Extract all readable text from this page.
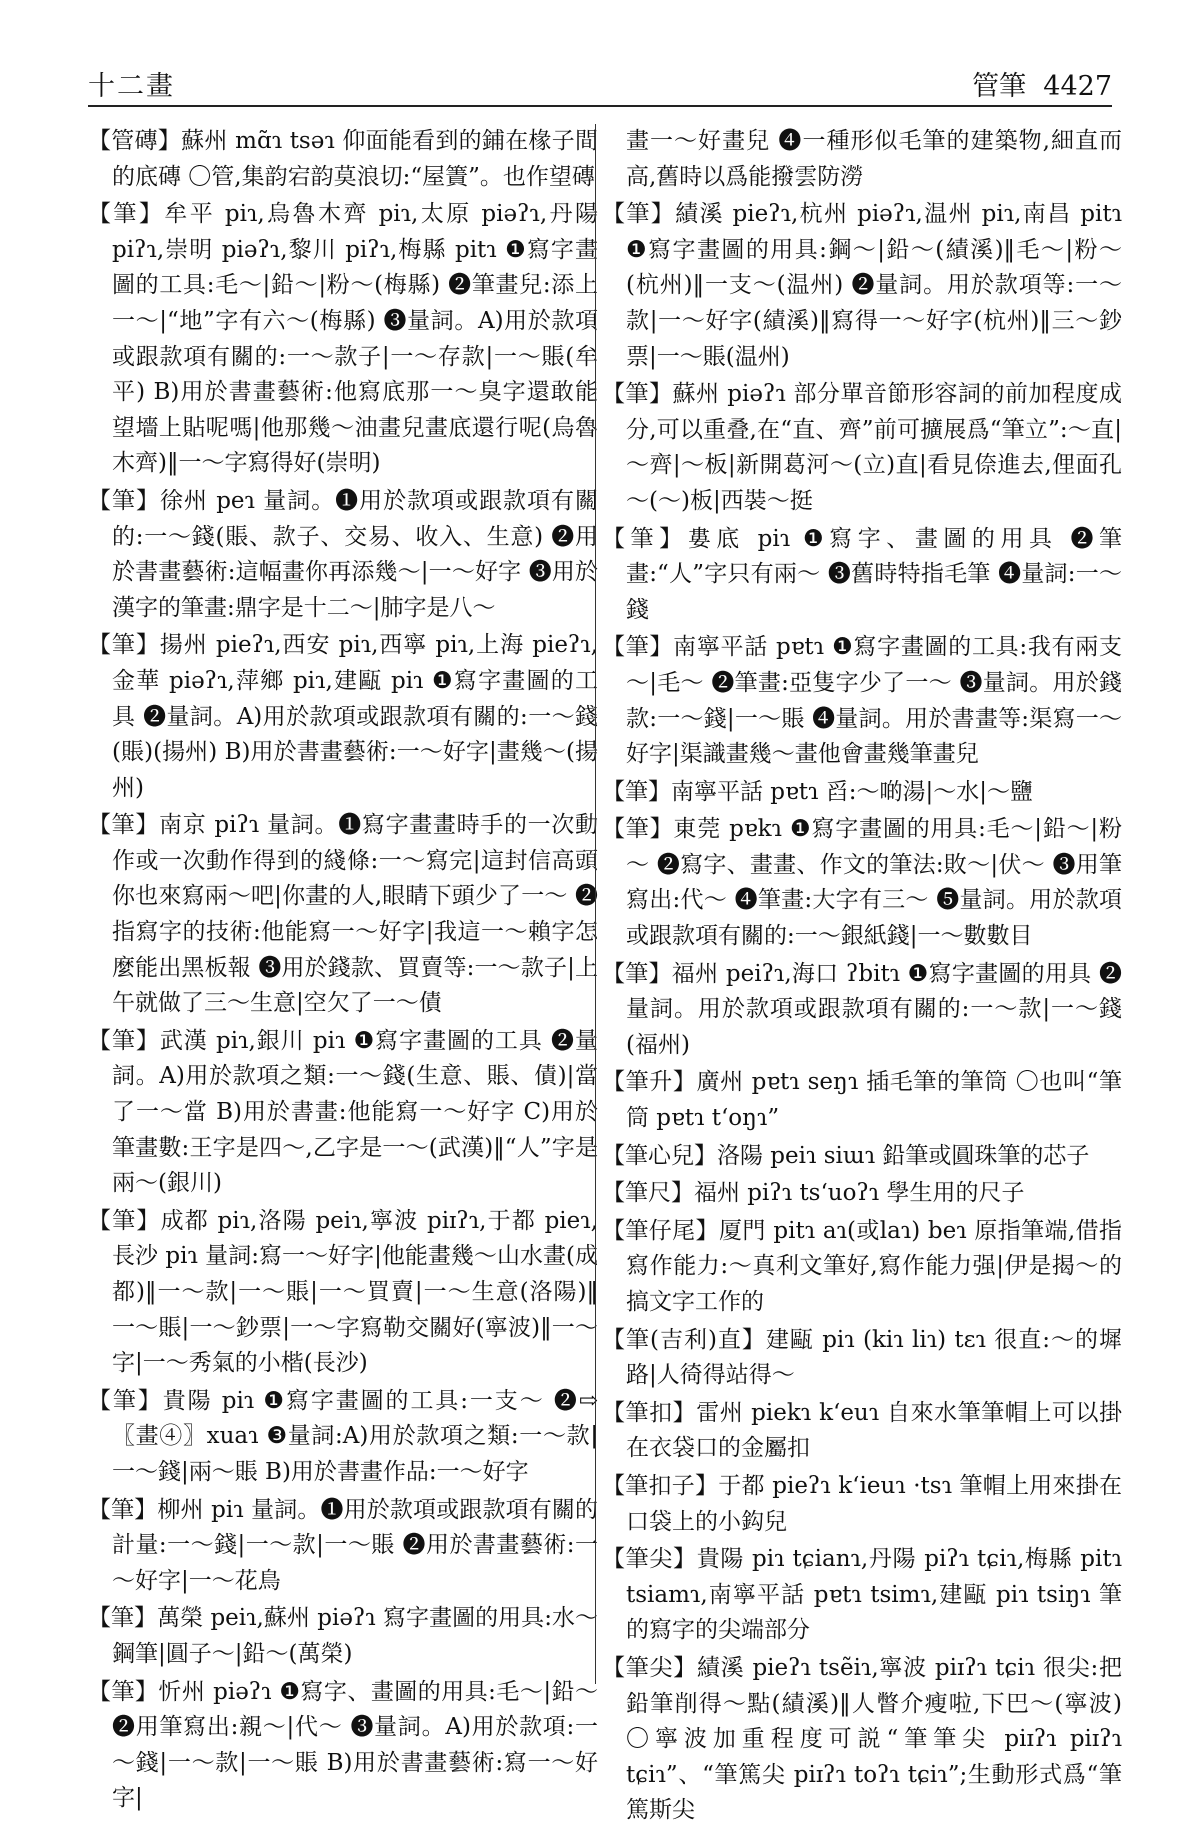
十二畫	管筆 4427

【管磚】蘇州 mɑ̃ɿ tsəɿ 仰面能看到的鋪在椽子間的底磚 〇管,集韵宕韵莫浪切:“屋簀”。也作望磚

【筆】牟平 piɿ,烏魯木齊 piɿ,太原 piəʔɿ,丹陽 piʔɿ,崇明 piəʔɿ,黎川 piʔɿ,梅縣 pitɿ ❶寫字畫圖的工具:毛～|鉛～|粉～(梅縣) ❷筆畫兒:添上一～|“地”字有六～(梅縣) ❸量詞。A)用於款項或跟款項有關的:一～款子|一～存款|一～賬(牟平) B)用於書畫藝術:他寫底那一～臭字還敢能望墻上貼呢嗎|他那幾～油畫兒畫底還行呢(烏魯木齊)‖一～字寫得好(崇明)

【筆】徐州 peɿ 量詞。❶用於款項或跟款項有關的:一～錢(賬、款子、交易、收入、生意) ❷用於書畫藝術:這幅畫你再添幾～|一～好字 ❸用於漢字的筆畫:鼎字是十二～|肺字是八～

【筆】揚州 pieʔɿ,西安 piɿ,西寧 piɿ,上海 pieʔɿ,金華 piəʔɿ,萍鄉 piɿ,建甌 piɿ ❶寫字畫圖的工具 ❷量詞。A)用於款項或跟款項有關的:一～錢(賬)(揚州) B)用於書畫藝術:一～好字|畫幾～(揚州)

【筆】南京 piʔɿ 量詞。❶寫字畫畫時手的一次動作或一次動作得到的綫條:一～寫完|這封信高頭你也來寫兩～吧|你畫的人,眼睛下頭少了一～ ❷指寫字的技術:他能寫一～好字|我這一～賴字怎麼能出黑板報 ❸用於錢款、買賣等:一～款子|上午就做了三～生意|空欠了一～債

【筆】武漢 piɿ,銀川 piɿ ❶寫字畫圖的工具 ❷量詞。A)用於款項之類:一～錢(生意、賬、債)|當了一～當 B)用於書畫:他能寫一～好字 C)用於筆畫數:王字是四～,乙字是一～(武漢)‖“人”字是兩～(銀川)

【筆】成都 piɿ,洛陽 peiɿ,寧波 piɪʔɿ,于都 pieɿ,長沙 piɿ 量詞:寫一～好字|他能畫幾～山水畫(成都)‖一～款|一～賬|一～買賣|一～生意(洛陽)‖一～賬|一～鈔票|一～字寫勒交關好(寧波)‖一～字|一～秀氣的小楷(長沙)

【筆】貴陽 piɿ ❶寫字畫圖的工具:一支～ ❷⇨〖畫④〗xuaɿ ❸量詞:A)用於款項之類:一～款|一～錢|兩～賬 B)用於書畫作品:一～好字

【筆】柳州 piɿ 量詞。❶用於款項或跟款項有關的計量:一～錢|一～款|一～賬 ❷用於書畫藝術:一～好字|一～花鳥

【筆】萬榮 peiɿ,蘇州 piəʔɿ 寫字畫圖的用具:水～鋼筆|圓子～|鉛～(萬榮)

【筆】忻州 piəʔɿ ❶寫字、畫圖的用具:毛～|鉛～ ❷用筆寫出:親～|代～ ❸量詞。A)用於款項:一～錢|一～款|一～賬 B)用於書畫藝術:寫一～好字|

畫一～好畫兒 ❹一種形似毛筆的建築物,細直而高,舊時以爲能撥雲防澇

【筆】績溪 pieʔɿ,杭州 piəʔɿ,温州 piɿ,南昌 pitɿ ❶寫字畫圖的用具:鋼～|鉛～(績溪)‖毛～|粉～(杭州)‖一支～(温州) ❷量詞。用於款項等:一～款|一～好字(績溪)‖寫得一～好字(杭州)‖三～鈔票|一～賬(温州)

【筆】蘇州 piəʔɿ 部分單音節形容詞的前加程度成分,可以重叠,在“直、齊”前可擴展爲“筆立”:～直|～齊|～板|新開葛河～(立)直|看見倷進去,俚面孔～(～)板|西裝～挺

【筆】婁底 piɿ ❶寫字、畫圖的用具 ❷筆畫:“人”字只有兩～ ❸舊時特指毛筆 ❹量詞:一～錢

【筆】南寧平話 pɐtɿ ❶寫字畫圖的工具:我有兩支～|毛～ ❷筆畫:亞隻字少了一～ ❸量詞。用於錢款:一～錢|一～賬 ❹量詞。用於書畫等:渠寫一～好字|渠識畫幾～畫他會畫幾筆畫兒

【筆】南寧平話 pɐtɿ 舀:～啲湯|～水|～鹽

【筆】東莞 pɐkɿ ❶寫字畫圖的用具:毛～|鉛～|粉～ ❷寫字、畫畫、作文的筆法:敗～|伏～ ❸用筆寫出:代～ ❹筆畫:大字有三～ ❺量詞。用於款項或跟款項有關的:一～銀紙錢|一～數數目

【筆】福州 peiʔɿ,海口 ʔbitɿ ❶寫字畫圖的用具 ❷量詞。用於款項或跟款項有關的:一～款|一～錢(福州)

【筆升】廣州 pɐtɿ seŋɿ 插毛筆的筆筒 〇也叫“筆筒 pɐtɿ tʻoŋɿ”

【筆心兒】洛陽 peiɿ siɯɿ 鉛筆或圓珠筆的芯子

【筆尺】福州 piʔɿ tsʻuoʔɿ 學生用的尺子

【筆仔尾】厦門 pitɿ aɿ(或laɿ) beɿ 原指筆端,借指寫作能力:～真利文筆好,寫作能力强|伊是揭～的搞文字工作的

【筆(吉利)直】建甌 piɿ (kiɿ liɿ) tɛɿ 很直:～的墀路|人徛得站得～

【筆扣】雷州 piekɿ kʻeuɿ 自來水筆筆帽上可以掛在衣袋口的金屬扣

【筆扣子】于都 pieʔɿ kʻieuɿ ·tsɿ 筆帽上用來掛在口袋上的小鈎兒

【筆尖】貴陽 piɿ tɕianɿ,丹陽 piʔɿ tɕiɿ,梅縣 pitɿ tsiamɿ,南寧平話 pɐtɿ tsimɿ,建甌 piɿ tsiŋɿ 筆的寫字的尖端部分

【筆尖】績溪 pieʔɿ tsẽiɿ,寧波 piɪʔɿ tɕiɿ 很尖:把鉛筆削得～點(績溪)‖人瞥介瘦啦,下巴～(寧波) 〇寧波加重程度可説“筆筆尖 piɪʔɿ piɪʔɿ tɕiɿ”、“筆篤尖 piɪʔɿ toʔɿ tɕiɿ”;生動形式爲“筆篤斯尖
